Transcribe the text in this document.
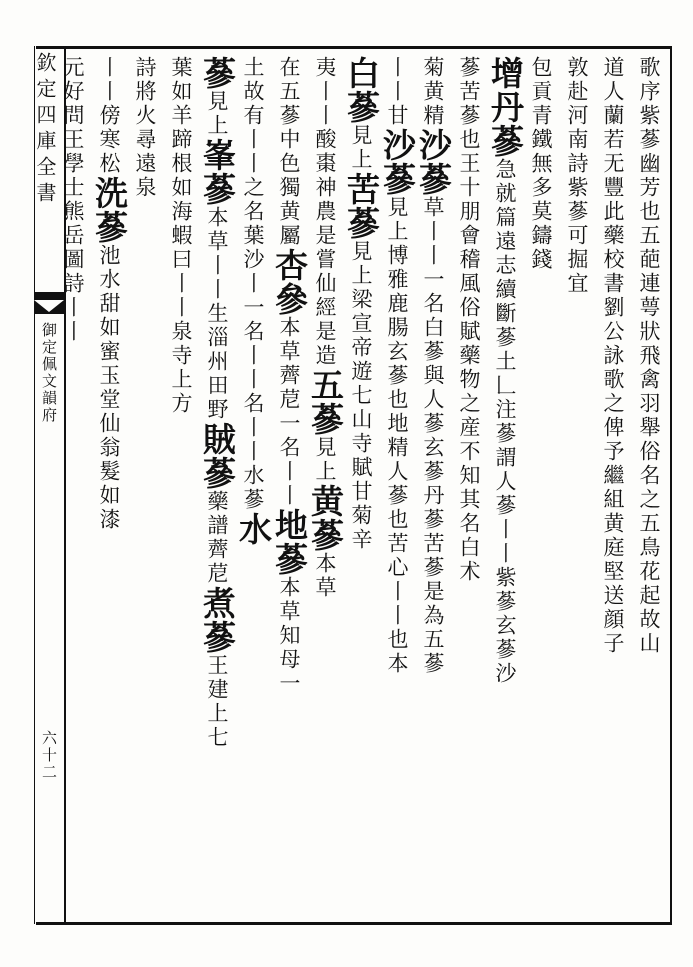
欽定四庫全書
御定佩文韻府
六十二
歌序紫蔘幽芳也五葩連萼狀飛禽羽舉俗名之五鳥花起故山
道人蘭若无豐此藥校書劉公詠歌之俾予繼組黄庭堅送顔子
敦赴河南詩紫蔘可掘宜
包貢青鐵無多莫鑄錢
增丹蔘急就篇遠志續斷蔘土𠃊注蔘謂人蔘丨丨紫蔘玄蔘沙
蔘苦蔘也王十朋會稽風俗賦藥物之産不知其名白术
菊黄精沙蔘草丨丨一名白蔘與人蔘玄蔘丹蔘苦蔘是為五蔘
丨丨甘沙蔘見上博雅鹿腸玄蔘也地精人蔘也苦心丨丨也本
白蔘見上苦蔘見上梁宣帝遊七山寺賦甘菊辛
夷丨丨酸棗神農是嘗仙經是造五蔘見上黄蔘本草
在五蔘中色獨黄屬杏參本草薺苨一名丨丨地蔘本草知母一
土故有丨丨之名葉沙丨一名丨丨名丨丨水蔘水
蔘見上峯蔘本草丨丨生淄州田野賊蔘藥譜薺苨煮蔘王建上七
葉如羊蹄根如海蝦曰丨丨泉寺上方
詩將火尋遠泉
丨丨傍寒松洗蔘池水甜如蜜玉堂仙翁髮如漆
元好問王學士熊岳圖詩丨丨
